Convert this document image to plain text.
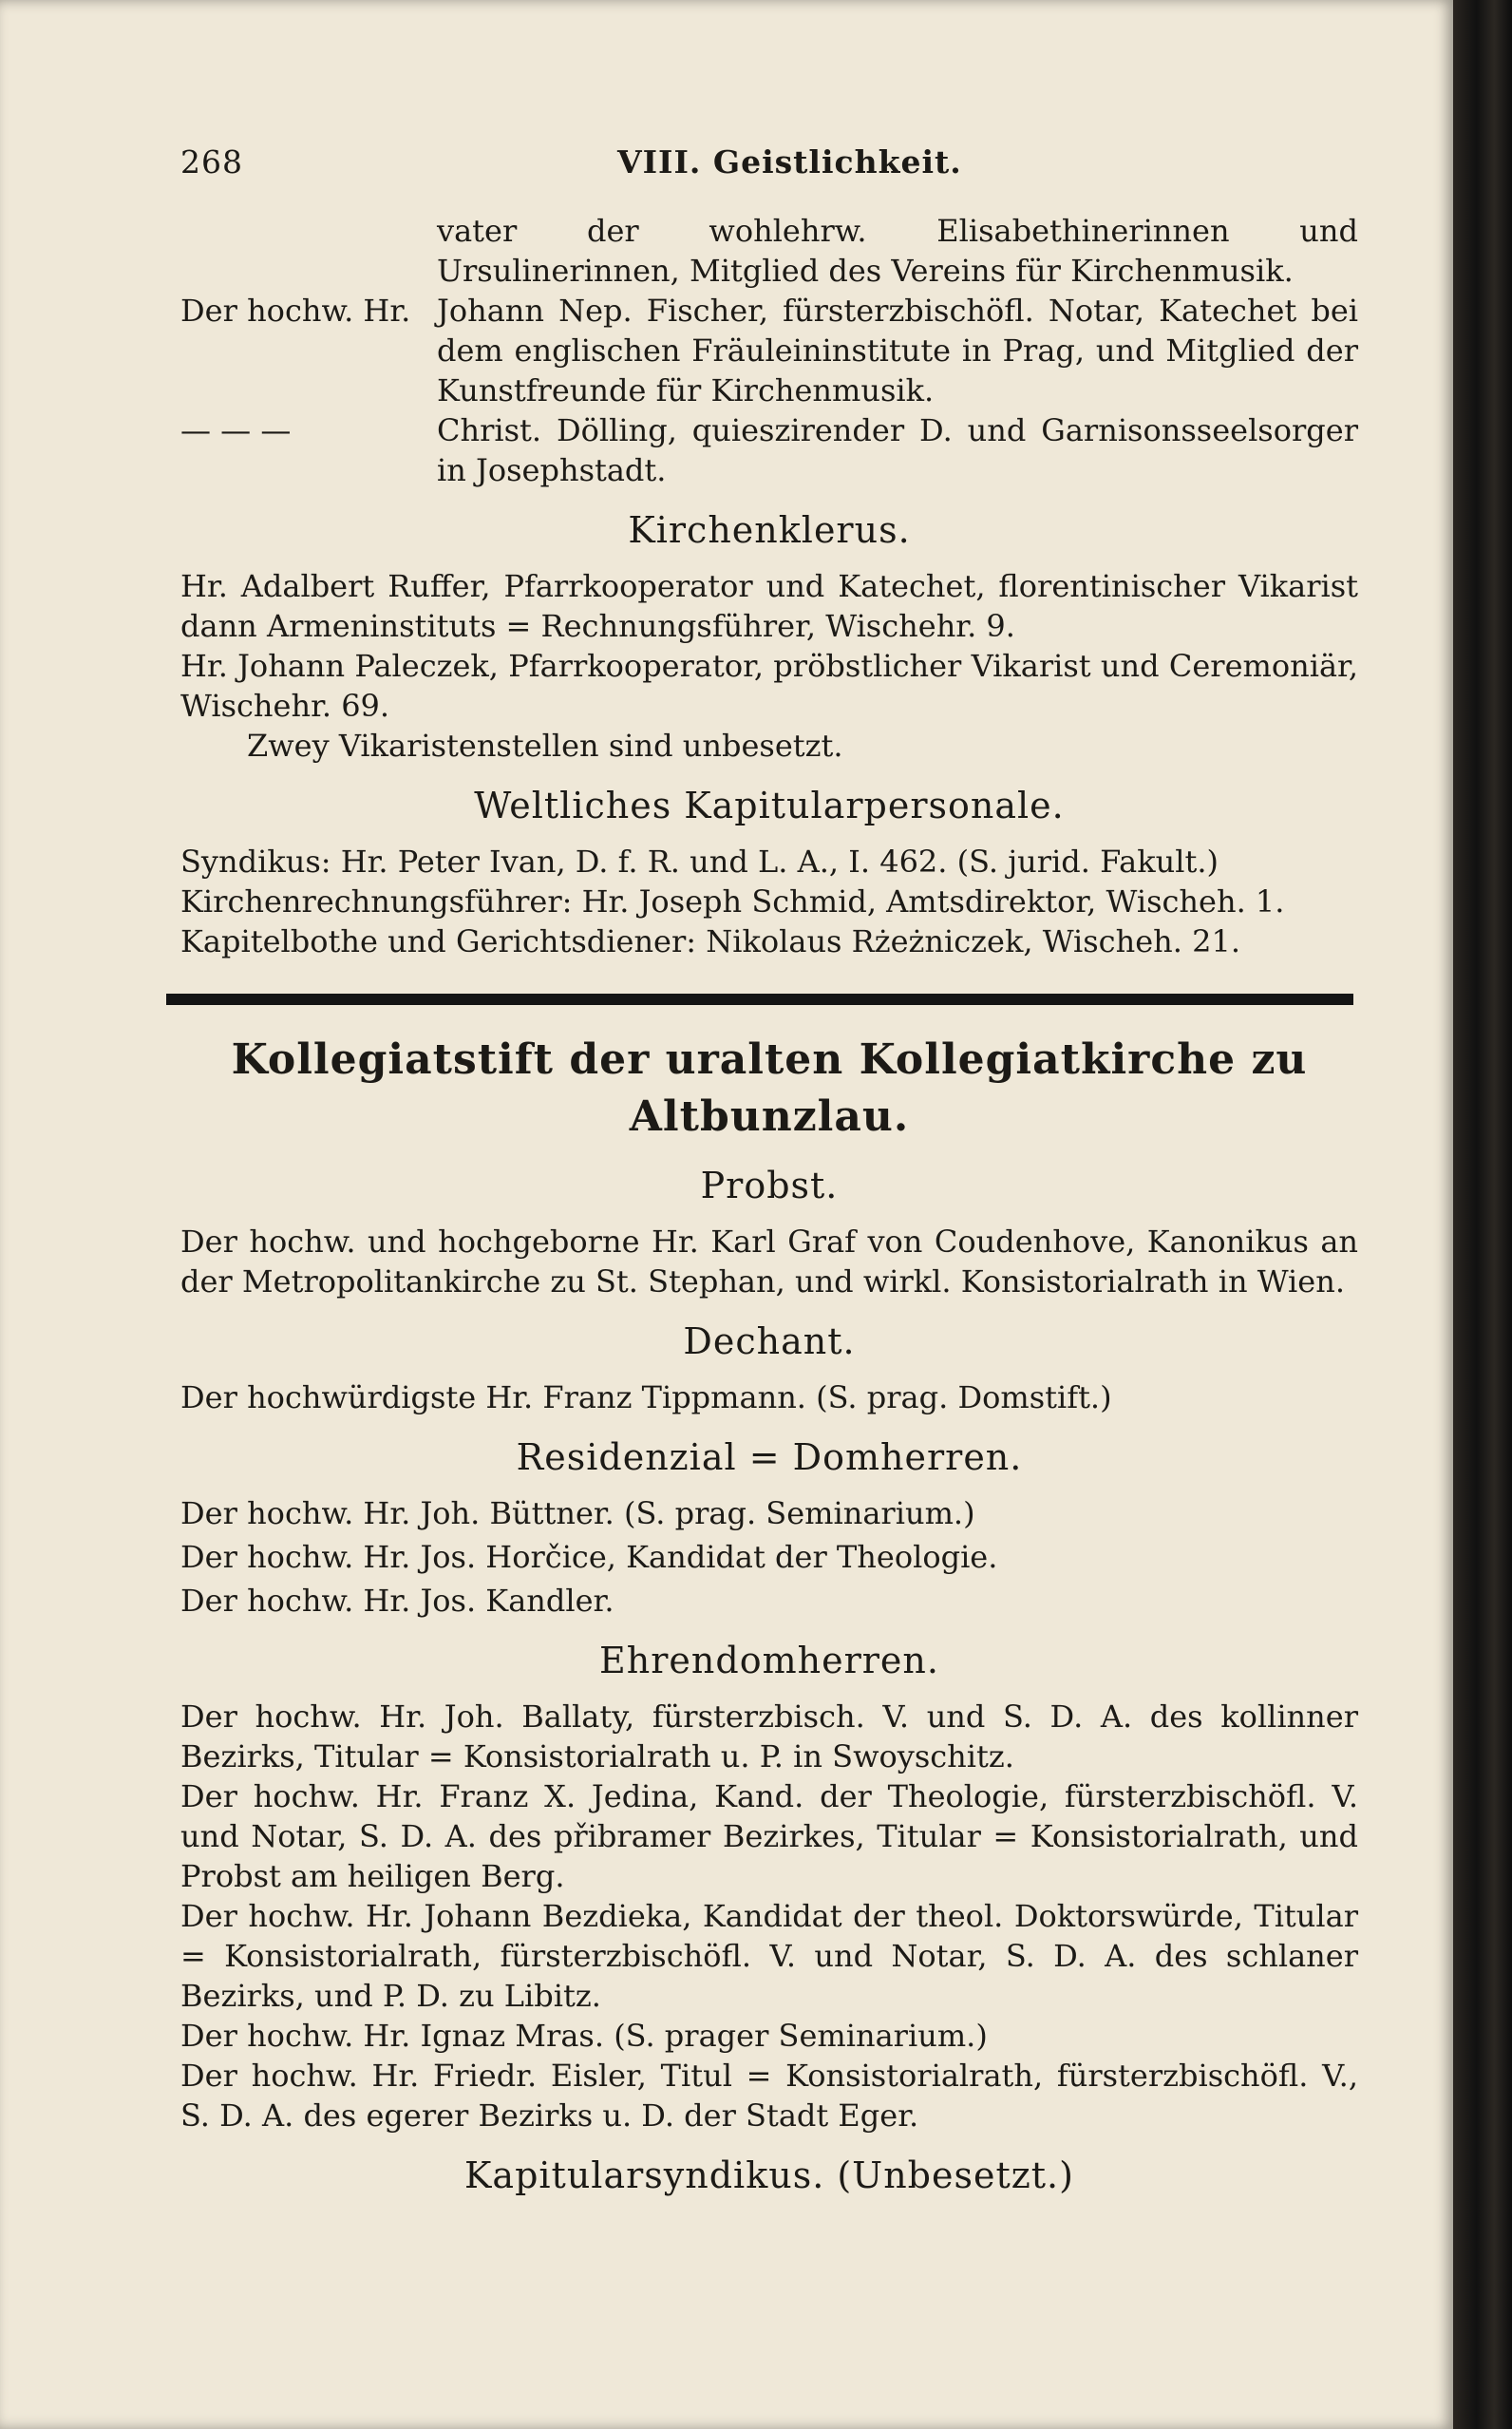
268	VIII. Geistlichkeit.
vater der wohlehrw. Elisabethinerinnen und Ursulinerinnen, Mitglied des Vereins für Kirchenmusik.
Der hochw. Hr. Johann Nep. Fischer, fürsterzbischöfl. Notar, Katechet bei dem englischen Fräuleininstitute in Prag, und Mitglied der Kunstfreunde für Kirchenmusik.
— — —	Christ. Dölling, quieszirender D. und Garnisonsseelsorger in Josephstadt.
Kirchenklerus.

Hr. Adalbert Ruffer, Pfarrkooperator und Katechet, florentinischer Vikarist dann Armeninstituts = Rechnungsführer, Wischehr. 9.

Hr. Johann Paleczek, Pfarrkooperator, pröbstlicher Vikarist und Ceremoniär, Wischehr. 69.

Zwey Vikaristenstellen sind unbesetzt.

Weltliches Kapitularpersonale.

Syndikus: Hr. Peter Ivan, D. f. R. und L. A., I. 462. (S. jurid. Fakult.)

Kirchenrechnungsführer: Hr. Joseph Schmid, Amtsdirektor, Wischeh. 1.

Kapitelbothe und Gerichtsdiener: Nikolaus Rżeżniczek, Wischeh. 21.

Kollegiatstift der uralten Kollegiatkirche zu Altbunzlau.
Probst.

Der hochw. und hochgeborne Hr. Karl Graf von Coudenhove, Kanonikus an der Metropolitankirche zu St. Stephan, und wirkl. Konsistorialrath in Wien.

Dechant.

Der hochwürdigste Hr. Franz Tippmann. (S. prag. Domstift.)

Residenzial = Domherren.

Der hochw. Hr. Joh. Büttner. (S. prag. Seminarium.)

Der hochw. Hr. Jos. Horčice, Kandidat der Theologie.

Der hochw. Hr. Jos. Kandler.

Ehrendomherren.

Der hochw. Hr. Joh. Ballaty, fürsterzbisch. V. und S. D. A. des kollinner Bezirks, Titular = Konsistorialrath u. P. in Swoyschitz.

Der hochw. Hr. Franz X. Jedina, Kand. der Theologie, fürsterzbischöfl. V. und Notar, S. D. A. des přibramer Bezirkes, Titular = Konsistorialrath, und Probst am heiligen Berg.

Der hochw. Hr. Johann Bezdieka, Kandidat der theol. Doktorswürde, Titular = Konsistorialrath, fürsterzbischöfl. V. und Notar, S. D. A. des schlaner Bezirks, und P. D. zu Libitz.

Der hochw. Hr. Ignaz Mras. (S. prager Seminarium.)

Der hochw. Hr. Friedr. Eisler, Titul = Konsistorialrath, fürsterzbischöfl. V., S. D. A. des egerer Bezirks u. D. der Stadt Eger.

Kapitularsyndikus. (Unbesetzt.)
